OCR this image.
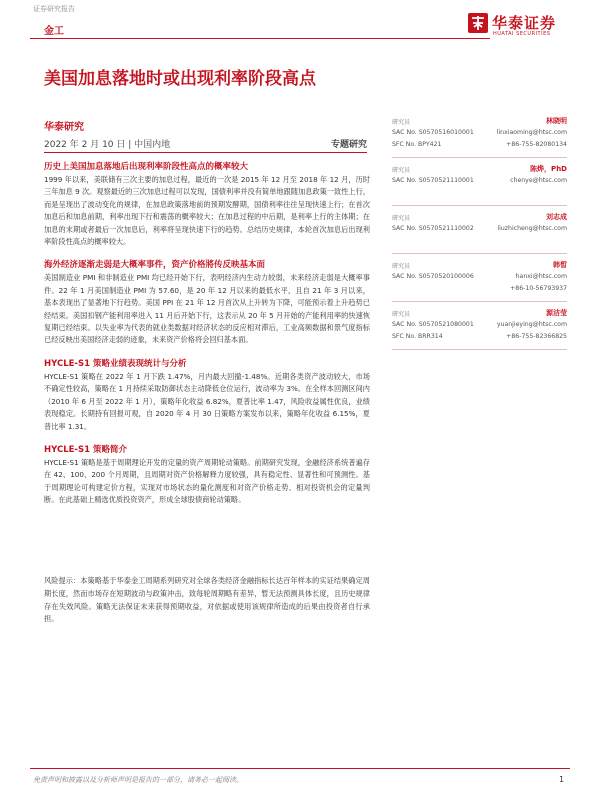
证券研究报告
金工	华泰证券
HUATAI SECURITIES
美国加息落地时或出现利率阶段高点
华泰研究
2022 年 2 月 10 日 | 中国内地	专题研究
历史上美国加息落地后出现利率阶段性高点的概率较大

1999 年以来，美联储有三次主要的加息过程，最近的一次是 2015 年 12 月至 2018 年 12 月，历时三年加息 9 次。观察最近的三次加息过程可以发现，国债利率并没有简单地跟随加息政策一致性上行，而是呈现出了波动变化的规律，在加息政策落地前的预期发酵期，国债利率往往呈现快速上行；在首次加息后和加息前期，利率出现下行和震荡的概率较大；在加息过程的中后期，是利率上行的主体期；在加息的末期或者最后一次加息后，利率将呈现快速下行的趋势。总结历史规律，本轮首次加息后出现利率阶段性高点的概率较大。

海外经济逐渐走弱是大概率事件，资产价格將传反映基本面

美国制造业 PMI 和非制造业 PMI 均已经开始下行，表明经济内生动力较弱，未来经济走弱是大概率事件。22 年 1 月美国制造业 PMI 为 57.60，是 20 年 12 月以来的最低水平，且自 21 年 3 月以来，基本表现出了显著地下行趋势。美国 PPI 在 21 年 12 月首次从上升转为下降，可能预示着上升趋势已经结束。美国扣钢产能利用率进入 11 月后开始下行，这表示从 20 年 5 月开始的产能利用率的快速恢复期已经结束。以失业率为代表的就业类数据对经济状态的反应相对滞后，工业高频数据和景气度指标已经反映出美国经济走弱的迹象，未来资产价格将会回归基本面。

HYCLE-S1 策略业绩表现统计与分析

HYCLE-S1 策略在 2022 年 1 月下跌 1.47%，月内最大回撤-1.48%。近期各类资产波动较大，市场不确定性较高，策略在 1 月持续采取防御状态主动降低仓位运行，波动率为 3%。在全样本回测区间内（2010 年 6 月至 2022 年 1 月），策略年化收益 6.82%，夏普比率 1.47，风险收益属性优良，业绩表现稳定。长期持有回报可观，自 2020 年 4 月 30 日策略方案发布以来，策略年化收益 6.15%，夏普比率 1.31。

HYCLE-S1 策略简介

HYCLE-S1 策略是基于周期理论开发的定量的资产周期轮动策略。前期研究发现，金融经济系统普遍存在 42、100、200 个月周期，且周期对资产价格解释力度较强，具有稳定性、显著性和可预测性。基于周期理论可构建定价方程，实现对市场状态的量化测度和对资产价格走势、相对投资机会的定量判断。在此基础上精选优质投资资产，形成全球股债商轮动策略。

风险提示：本策略基于华泰金工周期系列研究对全球各类经济金融指标长达百年样本的实证结果确定周期长度，然而市场存在短期波动与政策冲击，致每轮周期略有差异，暂无法预测具体长度，且历史规律存在失效风险。策略无法保证未来获得预期收益，对依据或使用该规律所造成的后果由投资者自行承担。

研究员	林晓明
SAC No. S0570516010001	linxiaoming@htsc.com
SFC No. BPY421	+86-755-82080134
研究员	陈烨，PhD
SAC No. S0570521110001	chenye@htsc.com
研究员	刘志成
SAC No. S0570521110002	liuzhicheng@htsc.com
研究员	韩晳
SAC No. S0570520100006	hanxi@htsc.com
+86-10-56793937
研究员	源洁莹
SAC No. S0570521080001	yuanjieying@htsc.com
SFC No. BRR314	+86-755-82366825
免责声明和披露以及分析师声明是报告的一部分，请务必一起阅读。	1
